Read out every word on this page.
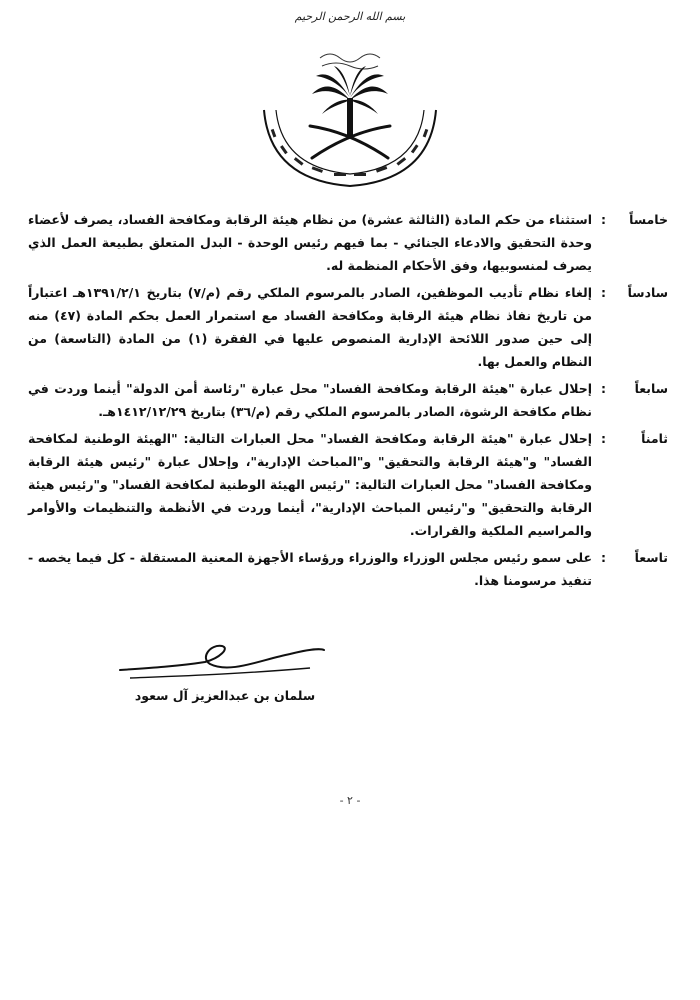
بسم الله الرحمن الرحيم
خامساً
:
استثناء من حكم المادة (الثالثة عشرة) من نظام هيئة الرقابة ومكافحة الفساد، يصرف لأعضاء وحدة التحقيق والادعاء الجنائي - بما فيهم رئيس الوحدة - البدل المتعلق بطبيعة العمل الذي يصرف لمنسوبيها، وفق الأحكام المنظمة له.
سادساً
:
إلغاء نظام تأديب الموظفين، الصادر بالمرسوم الملكي رقم (م/٧) بتاريخ ١٣٩١/٢/١هـ اعتباراً من تاريخ نفاذ نظام هيئة الرقابة ومكافحة الفساد مع استمرار العمل بحكم المادة (٤٧) منه إلى حين صدور اللائحة الإدارية المنصوص عليها في الفقرة (١) من المادة (التاسعة) من النظام والعمل بها.
سابعاً
:
إحلال عبارة "هيئة الرقابة ومكافحة الفساد" محل عبارة "رئاسة أمن الدولة" أينما وردت في نظام مكافحة الرشوة، الصادر بالمرسوم الملكي رقم (م/٣٦) بتاريخ ١٤١٢/١٢/٢٩هـ.
ثامناً
:
إحلال عبارة "هيئة الرقابة ومكافحة الفساد" محل العبارات التالية: "الهيئة الوطنية لمكافحة الفساد" و"هيئة الرقابة والتحقيق" و"المباحث الإدارية"، وإحلال عبارة "رئيس هيئة الرقابة ومكافحة الفساد" محل العبارات التالية: "رئيس الهيئة الوطنية لمكافحة الفساد" و"رئيس هيئة الرقابة والتحقيق" و"رئيس المباحث الإدارية"، أينما وردت في الأنظمة والتنظيمات والأوامر والمراسيم الملكية والقرارات.
تاسعاً
:
على سمو رئيس مجلس الوزراء والوزراء ورؤساء الأجهزة المعنية المستقلة - كل فيما يخصه - تنفيذ مرسومنا هذا.
سلمان بن عبدالعزيز آل سعود
- ٢ -
